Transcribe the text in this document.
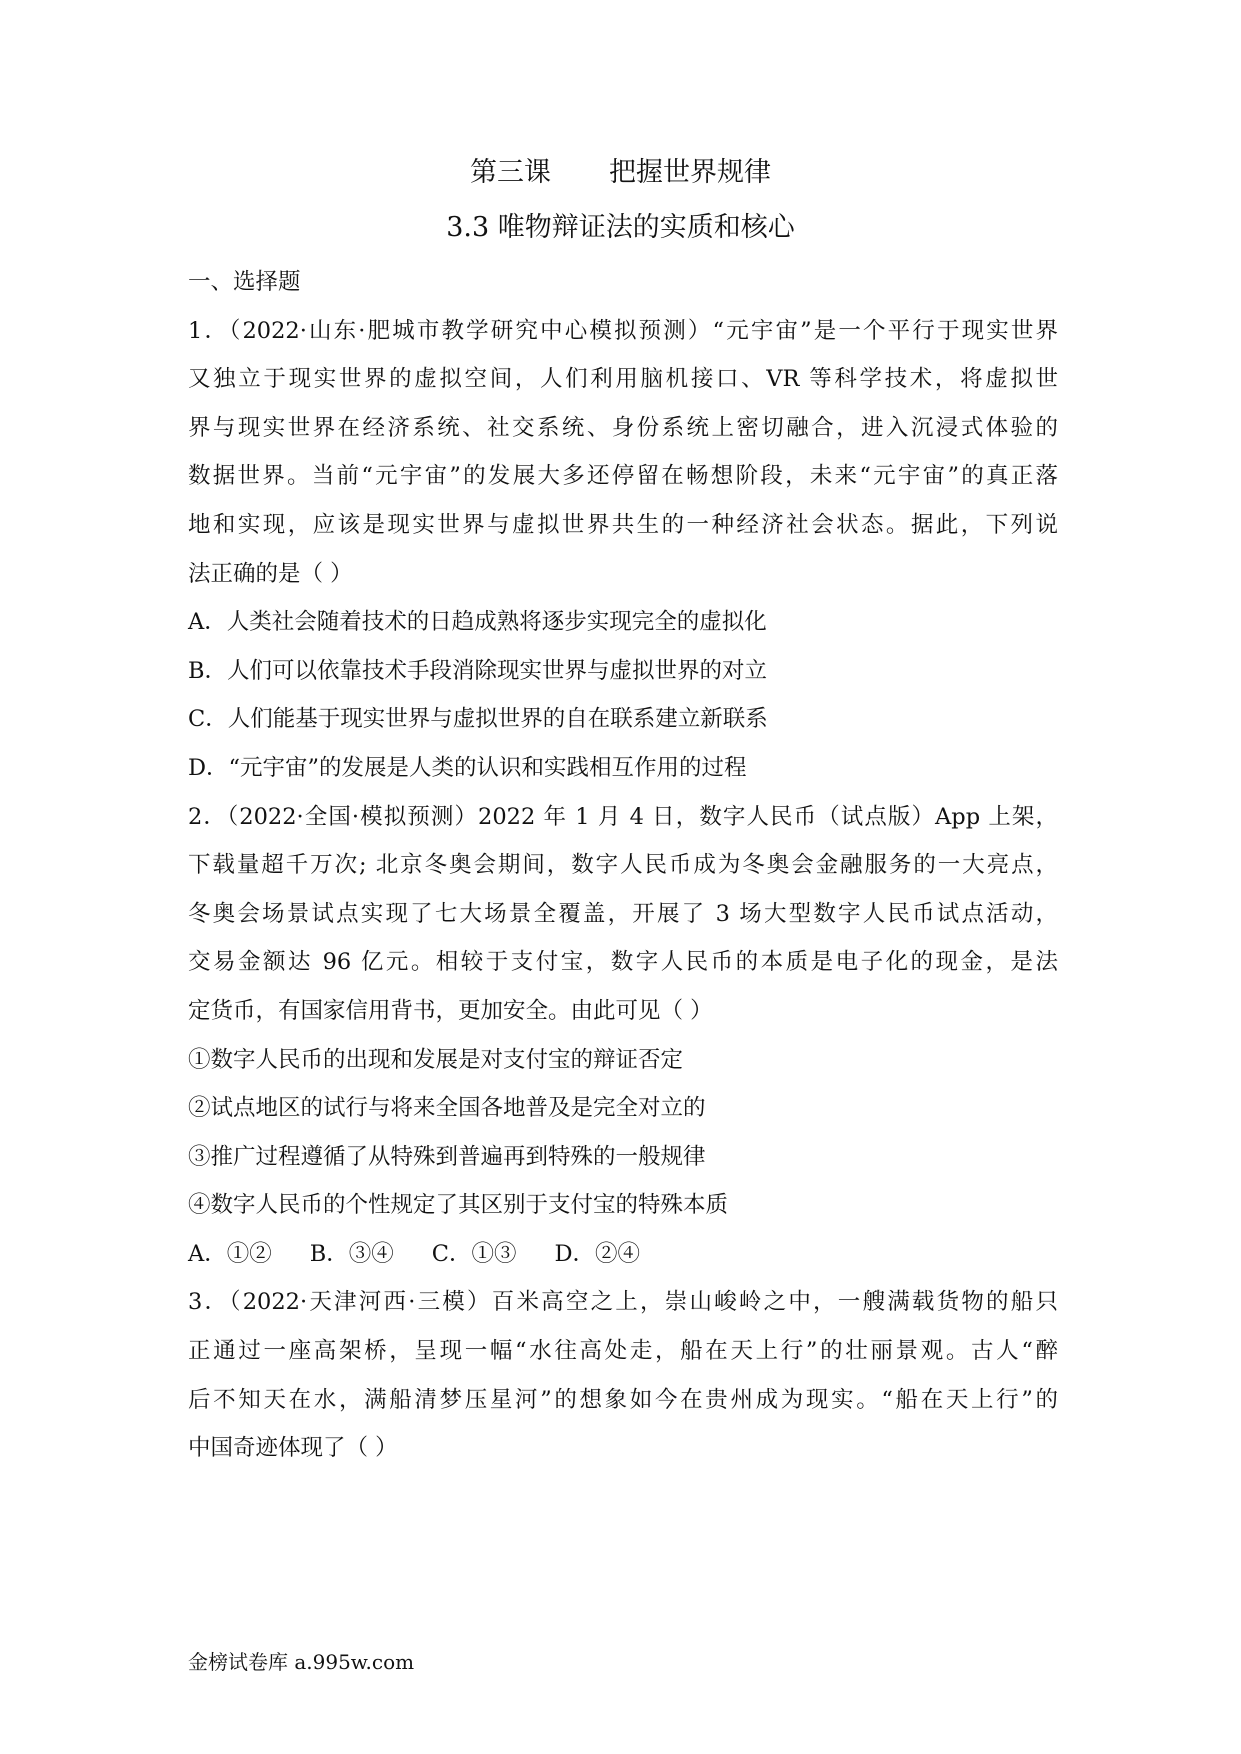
第三课 把握世界规律
3.3 唯物辩证法的实质和核心
一、选择题
1．（2022·山东·肥城市教学研究中心模拟预测）“元宇宙”是一个平行于现实世界
又独立于现实世界的虚拟空间，人们利用脑机接口、VR 等科学技术，将虚拟世
界与现实世界在经济系统、社交系统、身份系统上密切融合，进入沉浸式体验的
数据世界。当前“元宇宙”的发展大多还停留在畅想阶段，未来“元宇宙”的真正落
地和实现，应该是现实世界与虚拟世界共生的一种经济社会状态。据此，下列说
法正确的是（ ）
A．人类社会随着技术的日趋成熟将逐步实现完全的虚拟化
B．人们可以依靠技术手段消除现实世界与虚拟世界的对立
C．人们能基于现实世界与虚拟世界的自在联系建立新联系
D．“元宇宙”的发展是人类的认识和实践相互作用的过程
2．（2022·全国·模拟预测）2022 年 1 月 4 日，数字人民币（试点版）App 上架，
下载量超千万次; 北京冬奥会期间，数字人民币成为冬奥会金融服务的一大亮点，
冬奥会场景试点实现了七大场景全覆盖，开展了 3 场大型数字人民币试点活动，
交易金额达 96 亿元。相较于支付宝，数字人民币的本质是电子化的现金，是法
定货币，有国家信用背书，更加安全。由此可见（ ）
①数字人民币的出现和发展是对支付宝的辩证否定
②试点地区的试行与将来全国各地普及是完全对立的
③推广过程遵循了从特殊到普遍再到特殊的一般规律
④数字人民币的个性规定了其区别于支付宝的特殊本质
A．①② B．③④ C．①③ D．②④
3．（2022·天津河西·三模）百米高空之上，崇山峻岭之中，一艘满载货物的船只
正通过一座高架桥，呈现一幅“水往高处走，船在天上行”的壮丽景观。古人“醉
后不知天在水，满船清梦压星河”的想象如今在贵州成为现实。“船在天上行”的
中国奇迹体现了（ ）
金榜试卷库 a.995w.com
